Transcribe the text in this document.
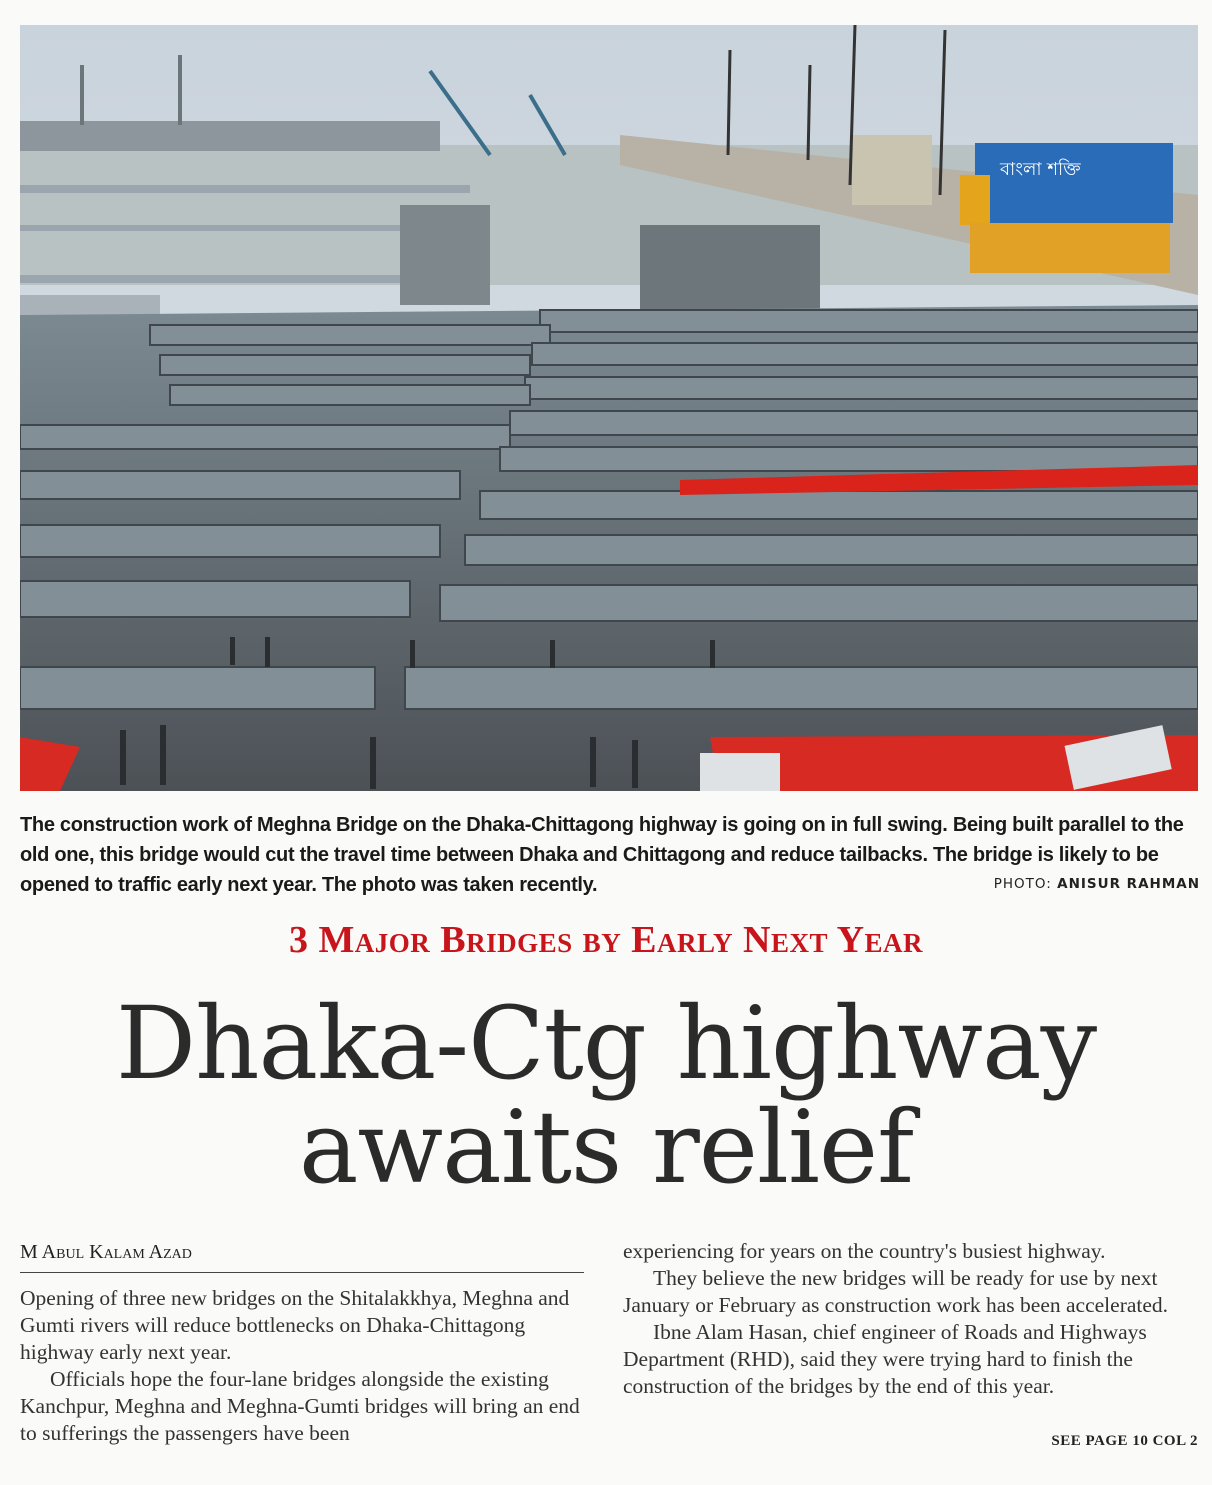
বাংলা শক্তি
The construction work of Meghna Bridge on the Dhaka-Chittagong highway is going on in full swing. Being built parallel to the old one, this bridge would cut the travel time between Dhaka and Chittagong and reduce tailbacks. The bridge is likely to be opened to traffic early next year. The photo was taken recently.	PHOTO: ANISUR RAHMAN
3 Major Bridges by Early Next Year
Dhaka-Ctg highway
awaits relief
M Abul Kalam Azad

Opening of three new bridges on the Shitalakkhya, Meghna and Gumti rivers will reduce bottlenecks on Dhaka-Chittagong highway early next year.

Officials hope the four-lane bridges alongside the existing Kanchpur, Meghna and Meghna-Gumti bridges will bring an end to sufferings the passengers have been

experiencing for years on the country's busiest highway.

They believe the new bridges will be ready for use by next January or February as construction work has been accelerated.

Ibne Alam Hasan, chief engineer of Roads and Highways Department (RHD), said they were trying hard to finish the construction of the bridges by the end of this year.

SEE PAGE 10 COL 2
